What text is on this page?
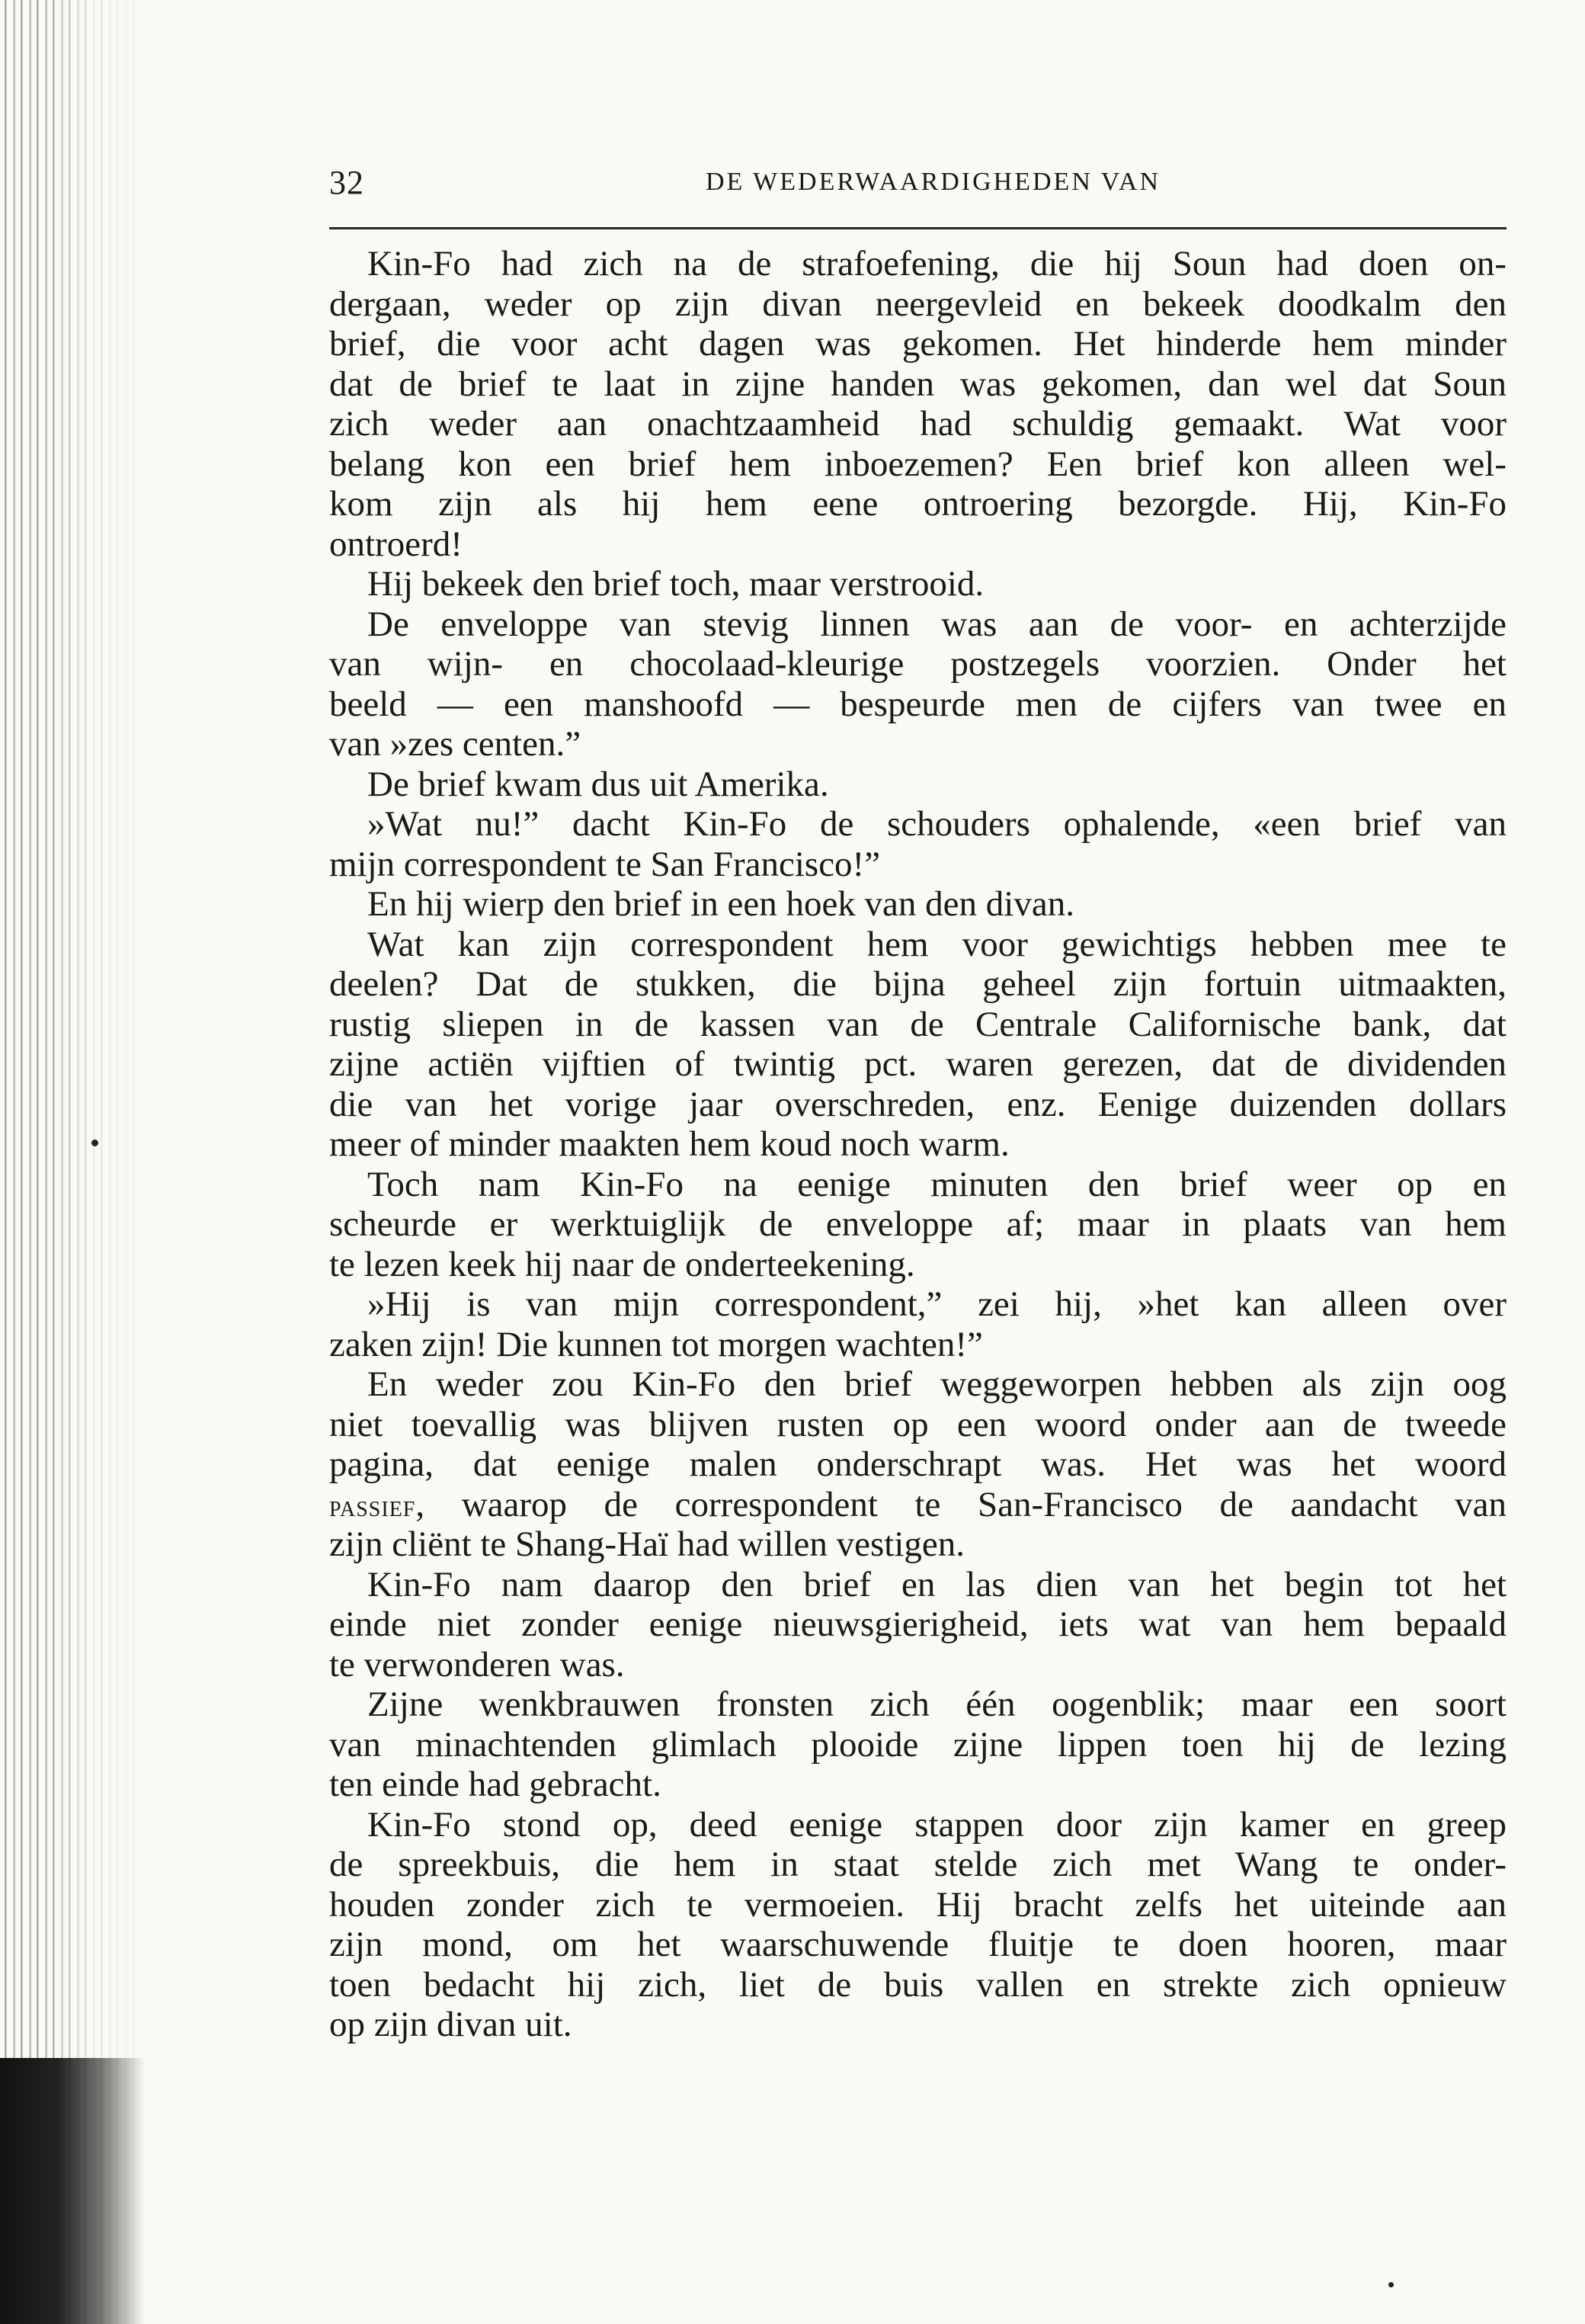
32	DE WEDERWAARDIGHEDEN VAN
Kin-Fo had zich na de strafoefening, die hij Soun had doen on-
dergaan, weder op zijn divan neergevleid en bekeek doodkalm den
brief, die voor acht dagen was gekomen. Het hinderde hem minder
dat de brief te laat in zijne handen was gekomen, dan wel dat Soun
zich weder aan onachtzaamheid had schuldig gemaakt. Wat voor
belang kon een brief hem inboezemen? Een brief kon alleen wel-
kom zijn als hij hem eene ontroering bezorgde. Hij, Kin-Fo
ontroerd!
Hij bekeek den brief toch, maar verstrooid.
De enveloppe van stevig linnen was aan de voor- en achterzijde
van wijn- en chocolaad-kleurige postzegels voorzien. Onder het
beeld — een manshoofd — bespeurde men de cijfers van twee en
van »zes centen.”
De brief kwam dus uit Amerika.
»Wat nu!” dacht Kin-Fo de schouders ophalende, «een brief van
mijn correspondent te San Francisco!”
En hij wierp den brief in een hoek van den divan.
Wat kan zijn correspondent hem voor gewichtigs hebben mee te
deelen? Dat de stukken, die bijna geheel zijn fortuin uitmaakten,
rustig sliepen in de kassen van de Centrale Californische bank, dat
zijne actiën vijftien of twintig pct. waren gerezen, dat de dividenden
die van het vorige jaar overschreden, enz. Eenige duizenden dollars
meer of minder maakten hem koud noch warm.
Toch nam Kin-Fo na eenige minuten den brief weer op en
scheurde er werktuiglijk de enveloppe af; maar in plaats van hem
te lezen keek hij naar de onderteekening.
»Hij is van mijn correspondent,” zei hij, »het kan alleen over
zaken zijn! Die kunnen tot morgen wachten!”
En weder zou Kin-Fo den brief weggeworpen hebben als zijn oog
niet toevallig was blijven rusten op een woord onder aan de tweede
pagina, dat eenige malen onderschrapt was. Het was het woord
passief, waarop de correspondent te San-Francisco de aandacht van
zijn cliënt te Shang-Haï had willen vestigen.
Kin-Fo nam daarop den brief en las dien van het begin tot het
einde niet zonder eenige nieuwsgierigheid, iets wat van hem bepaald
te verwonderen was.
Zijne wenkbrauwen fronsten zich één oogenblik; maar een soort
van minachtenden glimlach plooide zijne lippen toen hij de lezing
ten einde had gebracht.
Kin-Fo stond op, deed eenige stappen door zijn kamer en greep
de spreekbuis, die hem in staat stelde zich met Wang te onder-
houden zonder zich te vermoeien. Hij bracht zelfs het uiteinde aan
zijn mond, om het waarschuwende fluitje te doen hooren, maar
toen bedacht hij zich, liet de buis vallen en strekte zich opnieuw
op zijn divan uit.
